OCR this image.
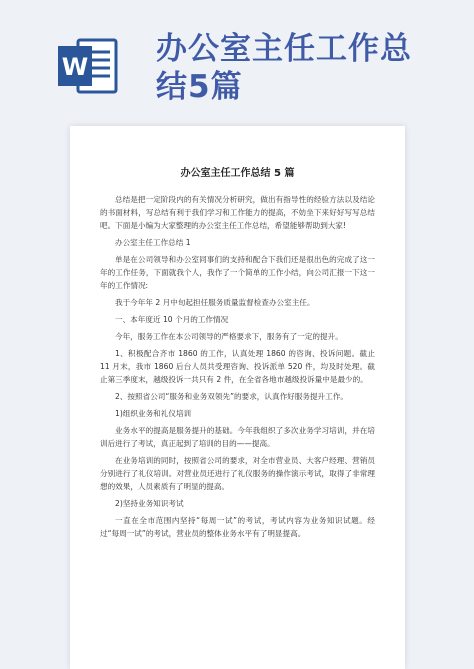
W 办公室主任工作总
结5篇
办公室主任工作总结 5 篇

总结是把一定阶段内的有关情况分析研究，做出有指导性的经验方法以及结论的书面材料，写总结有利于我们学习和工作能力的提高，不妨坐下来好好写写总结吧。下面是小编为大家整理的办公室主任工作总结，希望能够帮助到大家!

办公室主任工作总结 1

单是在公司领导和办公室同事们的支持和配合下我们还是很出色的完成了这一年的工作任务，下面就我个人，我作了一个简单的工作小结，向公司汇报一下这一年的工作情况:

我于今年年 2 月中旬起担任服务质量监督检查办公室主任。

一、本年度近 10 个月的工作情况

今年，服务工作在本公司领导的严格要求下，服务有了一定的提升。

1、积极配合齐市 1860 的工作，认真处理 1860 的咨询、投诉问题。截止 11 月末，我市 1860 后台人员共受理咨询、投诉派单 520 件，均及时处理。截止第三季度末，越级投诉一共只有 2 件，在全省各地市越级投诉量中是最少的。

2、按照省公司“服务和业务双领先”的要求，认真作好服务提升工作。

1)组织业务和礼仪培训

业务水平的提高是服务提升的基础。今年我组织了多次业务学习培训，并在培训后进行了考试，真正起到了培训的目的——提高。

在业务培训的同时，按照省公司的要求，对全市营业员、大客户经理、营销员分别进行了礼仪培训。对营业员还进行了礼仪服务的操作演示考试，取得了非常理想的效果，人员素质有了明显的提高。

2)坚持业务知识考试

一直在全市范围内坚持“每周一试”的考试，考试内容为业务知识试题。经过“每周一试”的考试，营业员的整体业务水平有了明显提高。
